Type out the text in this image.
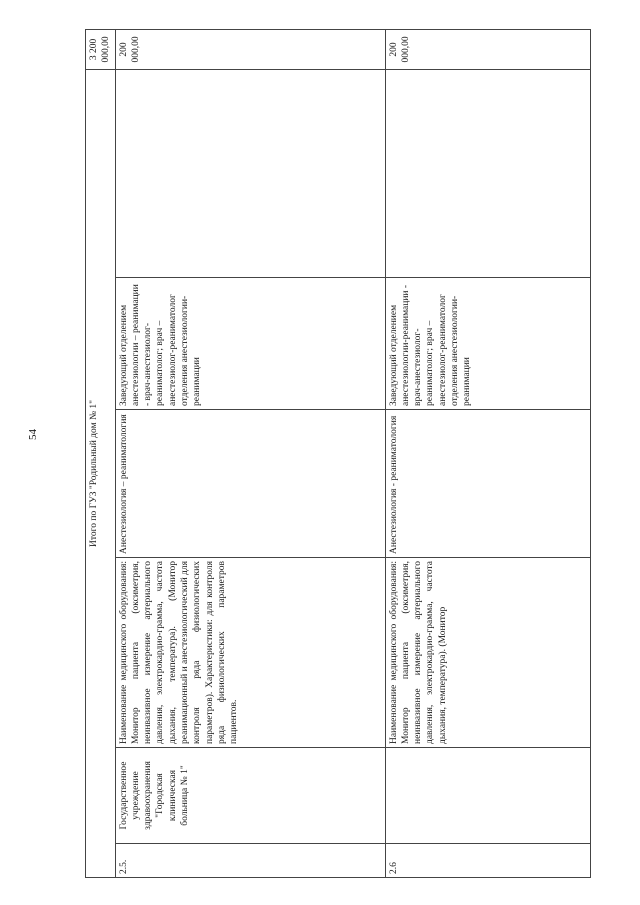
54	Итого по ГУЗ "Родильный дом № 1"						3 200 000,00
2.5.	Государственное учреждение здравоохранения "Городская клиническая больница № 1"	Наименование медицинского оборудования: Монитор пациента (оксиметрия, неинвазивное измерение артериального давления, электрокардио-грамма, частота дыхания, температура). (Монитор реанимационный и анестезиологический для контроля ряда физиологических параметров). Характеристики: для контроля ряда физиологических параметров пациентов.	Анестезиология – реаниматология	Заведующий отделением анестезиологии – реанимации - врач-анестезиолог-реаниматолог; врач – анестезиолог-реаниматолог отделения анестезиологии-реанимации		200 000,00
2.6		Наименование медицинского оборудования: Монитор пациента (оксиметрия, неинвазивное измерение артериального давления, электрокардио-грамма, частота дыхания, температура). (Монитор	Анестезиология - реаниматология	Заведующий отделением анестезиологии-реанимации - врач-анестезиолог-реаниматолог; врач – анестезиолог-реаниматолог отделения анестезиологии-реанимации		200 000,00
